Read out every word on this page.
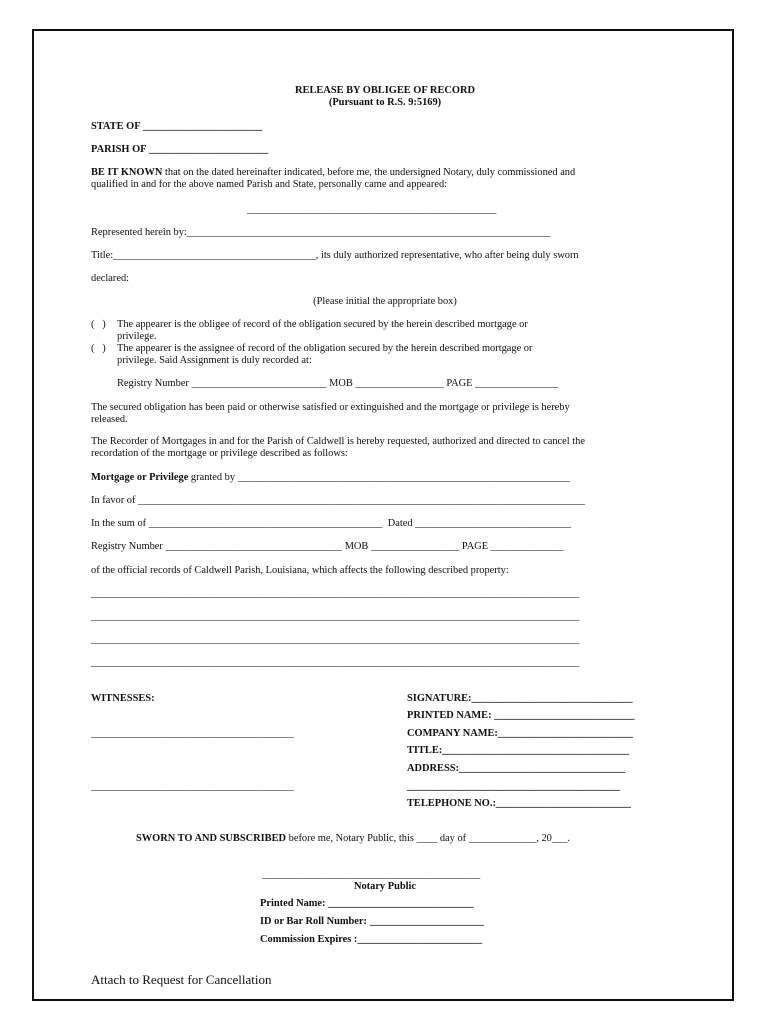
RELEASE BY OBLIGEE OF RECORD
(Pursuant to R.S. 9:5169)
STATE OF _______________________
PARISH OF _______________________
BE IT KNOWN that on the dated hereinafter indicated, before me, the undersigned Notary, duly commissioned and
qualified in and for the above named Parish and State, personally came and appeared:
________________________________________________
Represented herein by:______________________________________________________________________
Title:_______________________________________, its duly authorized representative, who after being duly sworn
declared:
(Please initial the appropriate box)
(   ) The appearer is the obligee of record of the obligation secured by the herein described mortgage or
privilege.
(   ) The appearer is the assignee of record of the obligation secured by the herein described mortgage or
privilege. Said Assignment is duly recorded at:
Registry Number __________________________ MOB _________________ PAGE ________________
The secured obligation has been paid or otherwise satisfied or extinguished and the mortgage or privilege is hereby
released.
The Recorder of Mortgages in and for the Parish of Caldwell is hereby requested, authorized and directed to cancel the
recordation of the mortgage or privilege described as follows:
Mortgage or Privilege granted by ________________________________________________________________
In favor of ______________________________________________________________________________________
In the sum of _____________________________________________  Dated ______________________________
Registry Number __________________________________ MOB _________________ PAGE ______________
of the official records of Caldwell Parish, Louisiana, which affects the following described property:
______________________________________________________________________________________________
______________________________________________________________________________________________
______________________________________________________________________________________________
______________________________________________________________________________________________
WITNESSES:
_______________________________________
_______________________________________
SIGNATURE:_______________________________
PRINTED NAME: ___________________________
COMPANY NAME:__________________________
TITLE:____________________________________
ADDRESS:________________________________
_________________________________________
TELEPHONE NO.:__________________________
SWORN TO AND SUBSCRIBED before me, Notary Public, this ____ day of _____________, 20___.
__________________________________________
Notary Public
Printed Name: ____________________________
ID or Bar Roll Number: ______________________
Commission Expires :________________________
Attach to Request for Cancellation
